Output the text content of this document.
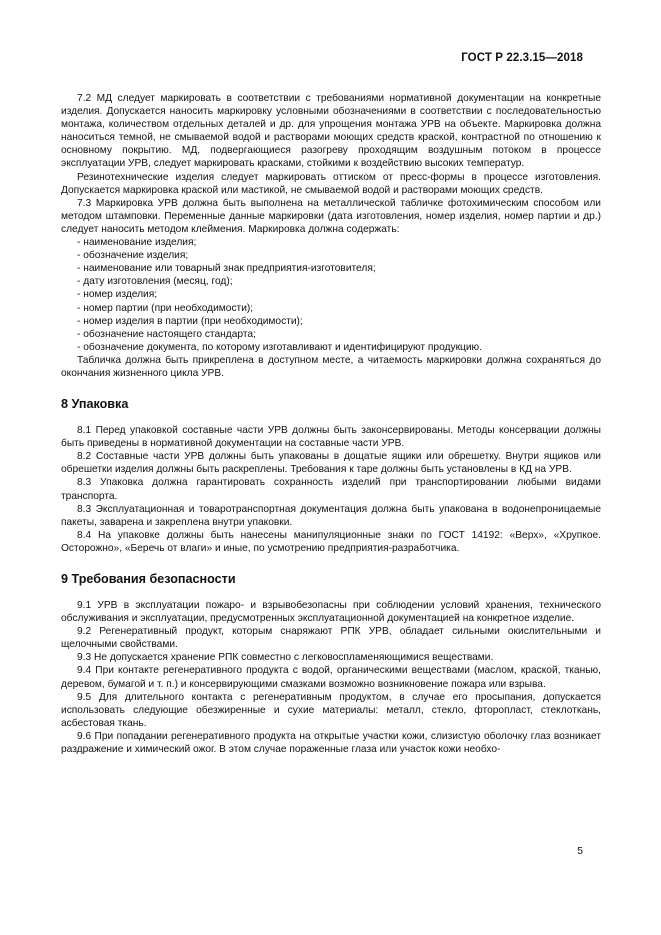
ГОСТ Р 22.3.15—2018

7.2 МД следует маркировать в соответствии с требованиями нормативной документации на конкретные изделия. Допускается наносить маркировку условными обозначениями в соответствии с последовательностью монтажа, количеством отдельных деталей и др. для упрощения монтажа УРВ на объекте. Маркировка должна наноситься темной, не смываемой водой и растворами моющих средств краской, контрастной по отношению к основному покрытию. МД, подвергающиеся разогреву проходящим воздушным потоком в процессе эксплуатации УРВ, следует маркировать красками, стойкими к воздействию высоких температур.

Резинотехнические изделия следует маркировать оттиском от пресс-формы в процессе изготовления. Допускается маркировка краской или мастикой, не смываемой водой и растворами моющих средств.

7.3 Маркировка УРВ должна быть выполнена на металлической табличке фотохимическим способом или методом штамповки. Переменные данные маркировки (дата изготовления, номер изделия, номер партии и др.) следует наносить методом клеймения. Маркировка должна содержать:

- наименование изделия;

- обозначение изделия;

- наименование или товарный знак предприятия-изготовителя;

- дату изготовления (месяц, год);

- номер изделия;

- номер партии (при необходимости);

- номер изделия в партии (при необходимости);

- обозначение настоящего стандарта;

- обозначение документа, по которому изготавливают и идентифицируют продукцию.

Табличка должна быть прикреплена в доступном месте, а читаемость маркировки должна сохраняться до окончания жизненного цикла УРВ.

8 Упаковка

8.1 Перед упаковкой составные части УРВ должны быть законсервированы. Методы консервации должны быть приведены в нормативной документации на составные части УРВ.

8.2 Составные части УРВ должны быть упакованы в дощатые ящики или обрешетку. Внутри ящиков или обрешетки изделия должны быть раскреплены. Требования к таре должны быть установлены в КД на УРВ.

8.3 Упаковка должна гарантировать сохранность изделий при транспортировании любыми видами транспорта.

8.3 Эксплуатационная и товаротранспортная документация должна быть упакована в водонепроницаемые пакеты, заварена и закреплена внутри упаковки.

8.4 На упаковке должны быть нанесены манипуляционные знаки по ГОСТ 14192: «Верх», «Хрупкое. Осторожно», «Беречь от влаги» и иные, по усмотрению предприятия-разработчика.

9 Требования безопасности

9.1 УРВ в эксплуатации пожаро- и взрывобезопасны при соблюдении условий хранения, технического обслуживания и эксплуатации, предусмотренных эксплуатационной документацией на конкретное изделие.

9.2 Регенеративный продукт, которым снаряжают РПК УРВ, обладает сильными окислительными и щелочными свойствами.

9.3 Не допускается хранение РПК совместно с легковоспламеняющимися веществами.

9.4 При контакте регенеративного продукта с водой, органическими веществами (маслом, краской, тканью, деревом, бумагой и т. п.) и консервирующими смазками возможно возникновение пожара или взрыва.

9.5 Для длительного контакта с регенеративным продуктом, в случае его просыпания, допускается использовать следующие обезжиренные и сухие материалы: металл, стекло, фторопласт, стеклоткань, асбестовая ткань.

9.6 При попадании регенеративного продукта на открытые участки кожи, слизистую оболочку глаз возникает раздражение и химический ожог. В этом случае пораженные глаза или участок кожи необхо-

5
